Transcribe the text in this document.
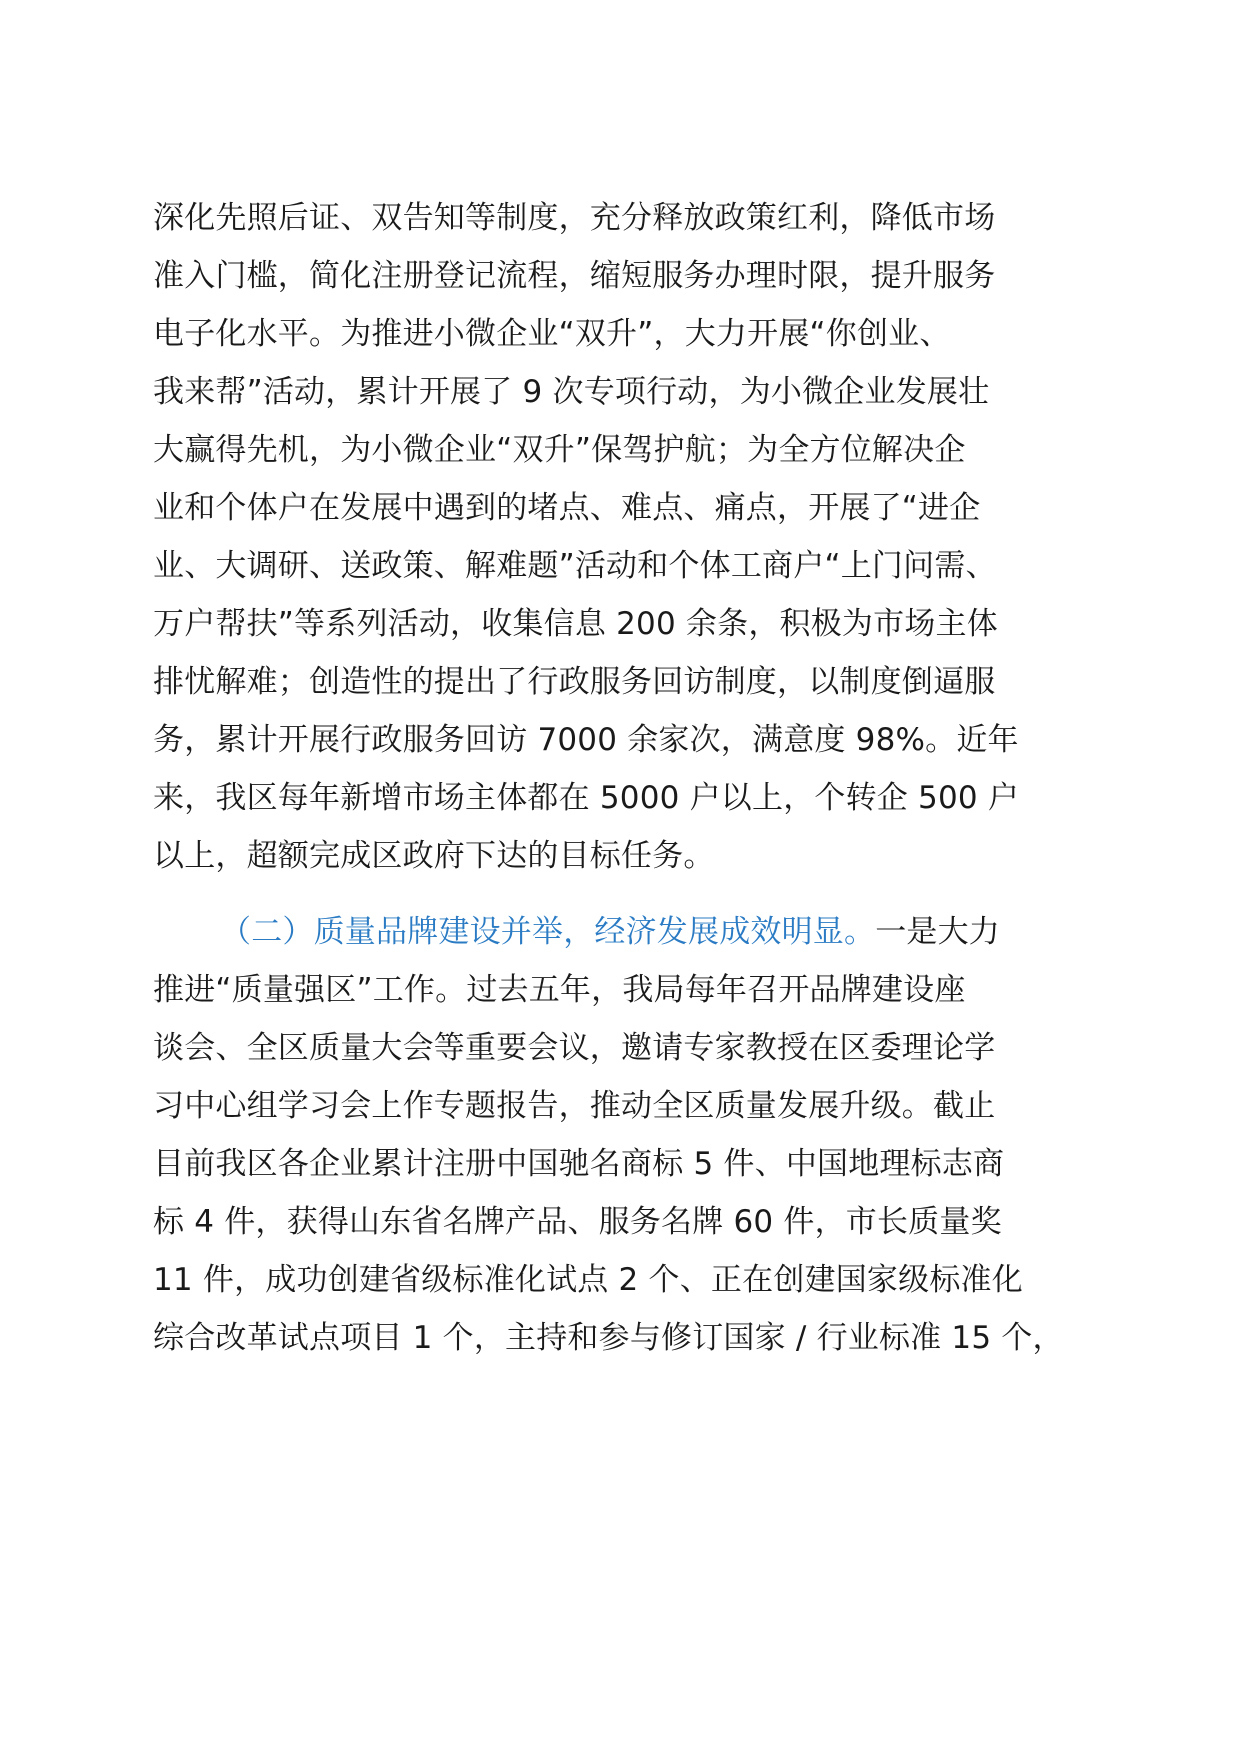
深化先照后证、双告知等制度，充分释放政策红利，降低市场
准入门槛，简化注册登记流程，缩短服务办理时限，提升服务
电子化水平。为推进小微企业“双升”，大力开展“你创业、
我来帮”活动，累计开展了 9 次专项行动，为小微企业发展壮
大赢得先机，为小微企业“双升”保驾护航；为全方位解决企
业和个体户在发展中遇到的堵点、难点、痛点，开展了“进企
业、大调研、送政策、解难题”活动和个体工商户“上门问需、
万户帮扶”等系列活动，收集信息 200 余条，积极为市场主体
排忧解难；创造性的提出了行政服务回访制度，以制度倒逼服
务，累计开展行政服务回访 7000 余家次，满意度 98%。近年
来，我区每年新增市场主体都在 5000 户以上，个转企 500 户
以上，超额完成区政府下达的目标任务。
（二）质量品牌建设并举，经济发展成效明显。一是大力
推进“质量强区”工作。过去五年，我局每年召开品牌建设座
谈会、全区质量大会等重要会议，邀请专家教授在区委理论学
习中心组学习会上作专题报告，推动全区质量发展升级。截止
目前我区各企业累计注册中国驰名商标 5 件、中国地理标志商
标 4 件，获得山东省名牌产品、服务名牌 60 件，市长质量奖
11 件，成功创建省级标准化试点 2 个、正在创建国家级标准化
综合改革试点项目 1 个，主持和参与修订国家 / 行业标准 15 个，
